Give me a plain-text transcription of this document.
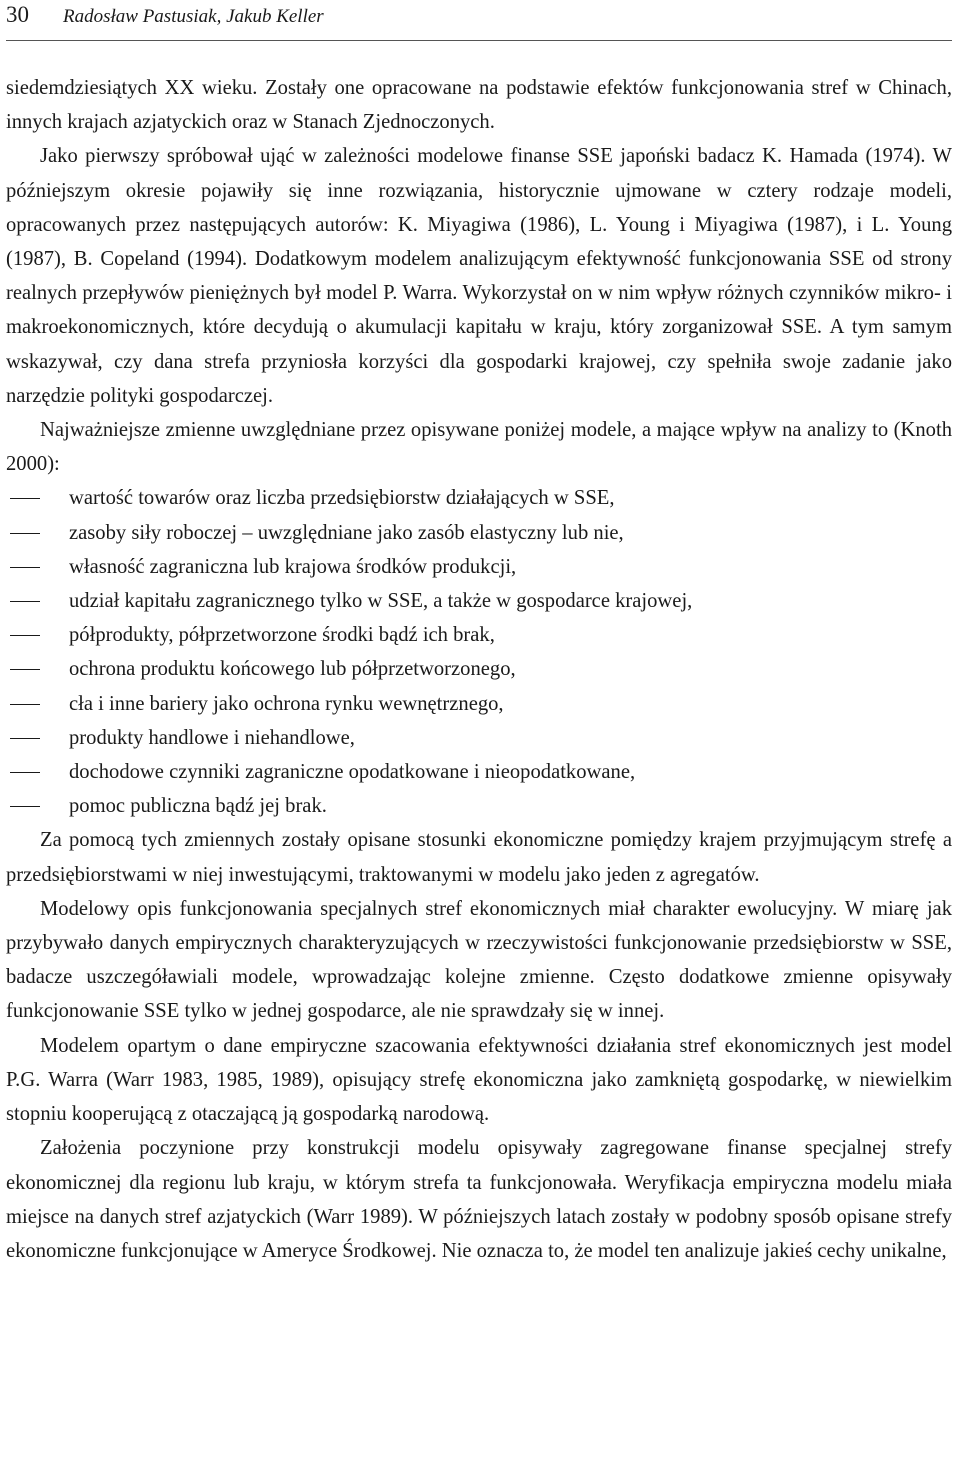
30 Radosław Pastusiak, Jakub Keller

siedemdziesiątych XX wieku. Zostały one opracowane na podstawie efektów funkcjonowania stref w Chinach, innych krajach azjatyckich oraz w Stanach Zjednoczonych.

Jako pierwszy spróbował ująć w zależności modelowe finanse SSE japoński badacz K. Hamada (1974). W późniejszym okresie pojawiły się inne rozwiązania, historycznie ujmowane w cztery rodzaje modeli, opracowanych przez następujących autorów: K. Miyagiwa (1986), L. Young i Miyagiwa (1987), i L. Young (1987), B. Copeland (1994). Dodatkowym modelem analizującym efektywność funkcjonowania SSE od strony realnych przepływów pieniężnych był model P. Warra. Wykorzystał on w nim wpływ różnych czynników mikro- i makroekonomicznych, które decydują o akumulacji kapitału w kraju, który zorganizował SSE. A tym samym wskazywał, czy dana strefa przyniosła korzyści dla gospodarki krajowej, czy spełniła swoje zadanie jako narzędzie polityki gospodarczej.

Najważniejsze zmienne uwzględniane przez opisywane poniżej modele, a mające wpływ na analizy to (Knoth 2000):

wartość towarów oraz liczba przedsiębiorstw działających w SSE,
zasoby siły roboczej – uwzględniane jako zasób elastyczny lub nie,
własność zagraniczna lub krajowa środków produkcji,
udział kapitału zagranicznego tylko w SSE, a także w gospodarce krajowej,
półprodukty, półprzetworzone środki bądź ich brak,
ochrona produktu końcowego lub półprzetworzonego,
cła i inne bariery jako ochrona rynku wewnętrznego,
produkty handlowe i niehandlowe,
dochodowe czynniki zagraniczne opodatkowane i nieopodatkowane,
pomoc publiczna bądź jej brak.

Za pomocą tych zmiennych zostały opisane stosunki ekonomiczne pomiędzy krajem przyjmującym strefę a przedsiębiorstwami w niej inwestującymi, traktowanymi w modelu jako jeden z agregatów.

Modelowy opis funkcjonowania specjalnych stref ekonomicznych miał charakter ewolucyjny. W miarę jak przybywało danych empirycznych charakteryzujących w rzeczywistości funkcjonowanie przedsiębiorstw w SSE, badacze uszczegóławiali modele, wprowadzając kolejne zmienne. Często dodatkowe zmienne opisywały funkcjonowanie SSE tylko w jednej gospodarce, ale nie sprawdzały się w innej.

Modelem opartym o dane empiryczne szacowania efektywności działania stref ekonomicznych jest model P.G. Warra (Warr 1983, 1985, 1989), opisujący strefę ekonomiczna jako zamkniętą gospodarkę, w niewielkim stopniu kooperującą z otaczającą ją gospodarką narodową.

Założenia poczynione przy konstrukcji modelu opisywały zagregowane finanse specjalnej strefy ekonomicznej dla regionu lub kraju, w którym strefa ta funkcjonowała. Weryfikacja empiryczna modelu miała miejsce na danych stref azjatyckich (Warr 1989). W późniejszych latach zostały w podobny sposób opisane strefy ekonomiczne funkcjonujące w Ameryce Środkowej. Nie oznacza to, że model ten analizuje jakieś cechy unikalne,
